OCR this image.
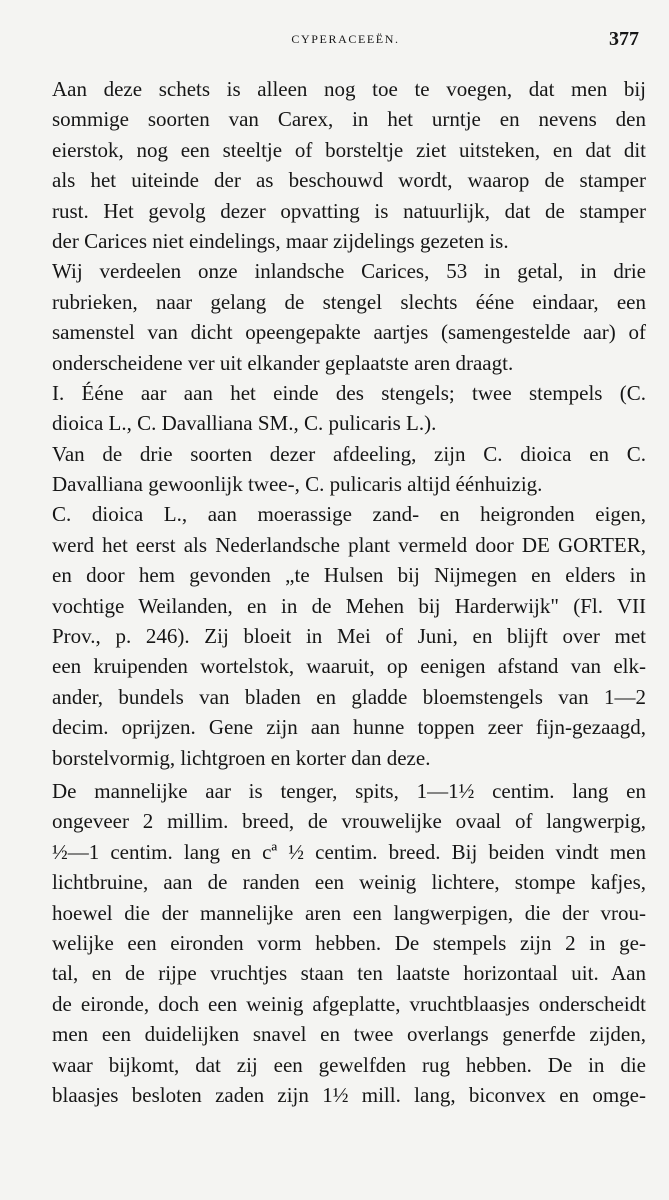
CYPERACEEËN.	377
Aan deze schets is alleen nog toe te voegen, dat men bij
sommige soorten van Carex, in het urntje en nevens den
eierstok, nog een steeltje of borsteltje ziet uitsteken, en dat dit
als het uiteinde der as beschouwd wordt, waarop de stamper
rust. Het gevolg dezer opvatting is natuurlijk, dat de stamper
der Carices niet eindelings, maar zijdelings gezeten is.
Wij verdeelen onze inlandsche Carices, 53 in getal, in drie
rubrieken, naar gelang de stengel slechts ééne eindaar, een
samenstel van dicht opeengepakte aartjes (samengestelde aar) of
onderscheidene ver uit elkander geplaatste aren draagt.
I. Ééne aar aan het einde des stengels; twee stempels (C.
dioica L., C. Davalliana SM., C. pulicaris L.).
Van de drie soorten dezer afdeeling, zijn C. dioica en C.
Davalliana gewoonlijk twee-, C. pulicaris altijd éénhuizig.
C. dioica L., aan moerassige zand- en heigronden eigen,
werd het eerst als Nederlandsche plant vermeld door DE GORTER,
en door hem gevonden „te Hulsen bij Nijmegen en elders in
vochtige Weilanden, en in de Mehen bij Harderwijk" (Fl. VII
Prov., p. 246). Zij bloeit in Mei of Juni, en blijft over met
een kruipenden wortelstok, waaruit, op eenigen afstand van elk-
ander, bundels van bladen en gladde bloemstengels van 1—2
decim. oprijzen. Gene zijn aan hunne toppen zeer fijn-gezaagd,
borstelvormig, lichtgroen en korter dan deze.
De mannelijke aar is tenger, spits, 1—1½ centim. lang en
ongeveer 2 millim. breed, de vrouwelijke ovaal of langwerpig,
½—1 centim. lang en cª ½ centim. breed. Bij beiden vindt men
lichtbruine, aan de randen een weinig lichtere, stompe kafjes,
hoewel die der mannelijke aren een langwerpigen, die der vrou-
welijke een eironden vorm hebben. De stempels zijn 2 in ge-
tal, en de rijpe vruchtjes staan ten laatste horizontaal uit. Aan
de eironde, doch een weinig afgeplatte, vruchtblaasjes onderscheidt
men een duidelijken snavel en twee overlangs generfde zijden,
waar bijkomt, dat zij een gewelfden rug hebben. De in die
blaasjes besloten zaden zijn 1½ mill. lang, biconvex en omge-
